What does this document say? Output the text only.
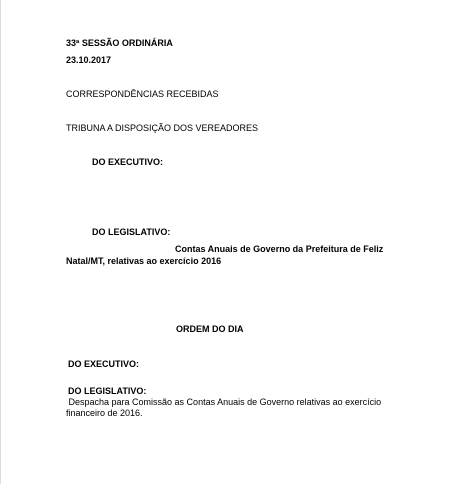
33ª SESSÃO ORDINÁRIA

23.10.2017

CORRESPONDÊNCIAS RECEBIDAS

TRIBUNA A DISPOSIÇÃO DOS VEREADORES

DO EXECUTIVO:

DO LEGISLATIVO:

Contas Anuais de Governo da Prefeitura de Feliz

Natal/MT, relativas ao exercício 2016

ORDEM DO DIA

DO EXECUTIVO:

DO LEGISLATIVO:

Despacha para Comissão as Contas Anuais de Governo relativas ao exercício

financeiro de 2016.
